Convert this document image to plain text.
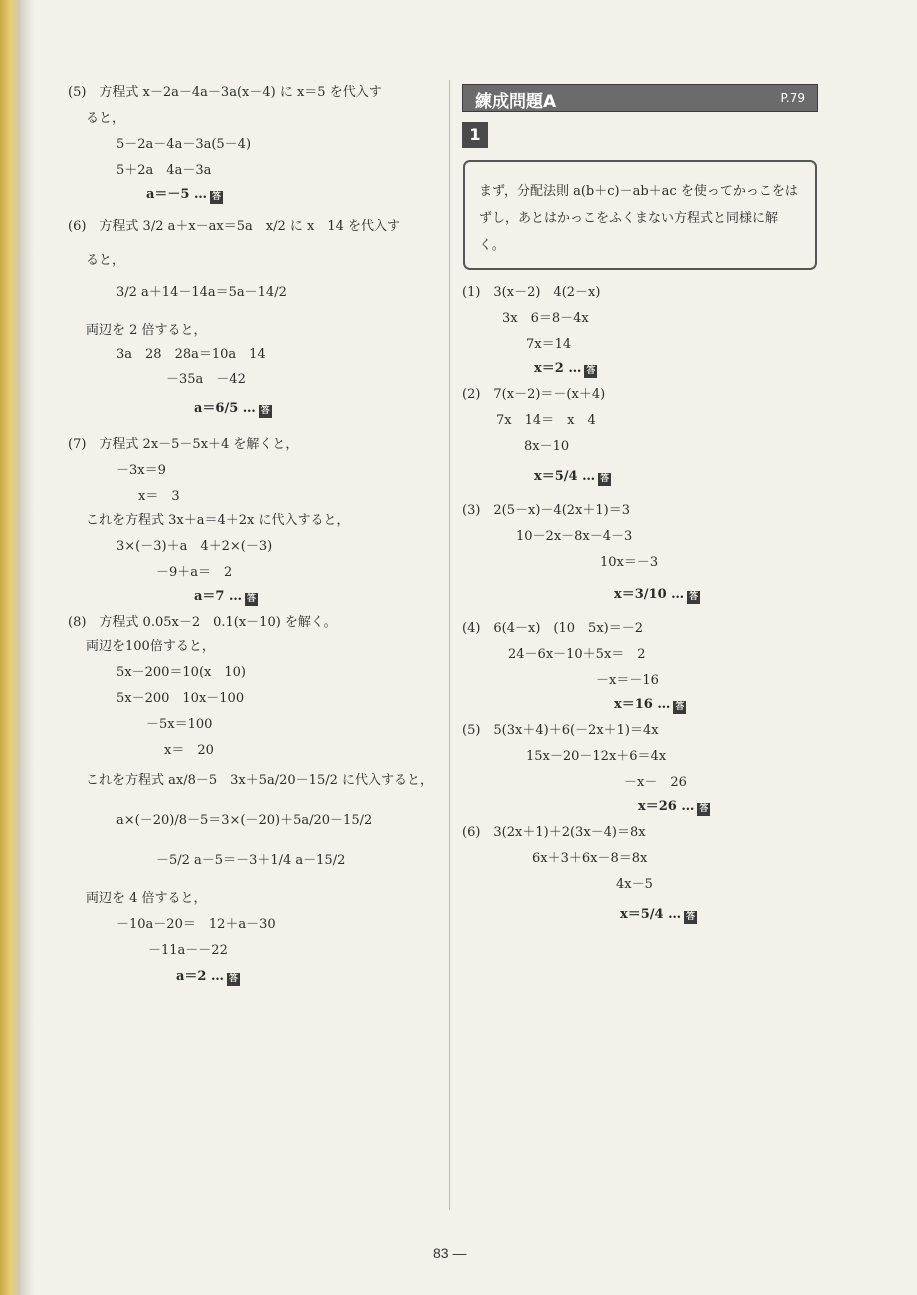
(5)　方程式 x－2a－4a－3a(x－4) に x＝5 を代入す
ると，
5－2a－4a－3a(5－4)
5＋2a　4a－3a
a＝－5 … 答
(6)　方程式 3/2 a＋x－ax＝5a　x/2 に x　14 を代入す
ると，
3/2 a＋14－14a＝5a－14/2
両辺を 2 倍すると，
3a　28　28a＝10a　14
－35a　－42
a＝6/5 … 答
(7)　方程式 2x－5－5x＋4 を解くと，
－3x＝9
x＝　3
これを方程式 3x＋a＝4＋2x に代入すると，
3×(－3)＋a　4＋2×(－3)
－9＋a＝　2
a＝7 … 答
(8)　方程式 0.05x－2　0.1(x－10) を解く。
両辺を100倍すると，
5x－200＝10(x　10)
5x－200　10x－100
－5x＝100
x＝　20
これを方程式 ax/8－5　3x＋5a/20－15/2 に代入すると，
a×(－20)/8－5＝3×(－20)＋5a/20－15/2
－5/2 a－5＝－3＋1/4 a－15/2
両辺を 4 倍すると，
－10a－20＝　12＋a－30
－11a－－22
a＝2 … 答
練成問題A	P.79
1
まず，分配法則 a(b＋c)－ab＋ac を使ってかっこをはずし，あとはかっこをふくまない方程式と同様に解く。
(1)　3(x－2)　4(2－x)
3x　6＝8－4x
7x＝14
x＝2 … 答
(2)　7(x－2)＝－(x＋4)
7x　14＝　x　4
8x－10
x＝5/4 … 答
(3)　2(5－x)－4(2x＋1)＝3
10－2x－8x－4－3
10x＝－3
x＝3/10 … 答
(4)　6(4－x)　(10　5x)＝－2
24－6x－10＋5x＝　2
－x＝－16
x＝16 … 答
(5)　5(3x＋4)＋6(－2x＋1)＝4x
15x－20－12x＋6＝4x
－x－　26
x＝26 … 答
(6)　3(2x＋1)＋2(3x－4)＝8x
6x＋3＋6x－8＝8x
4x－5
x＝5/4 … 答
83 —
